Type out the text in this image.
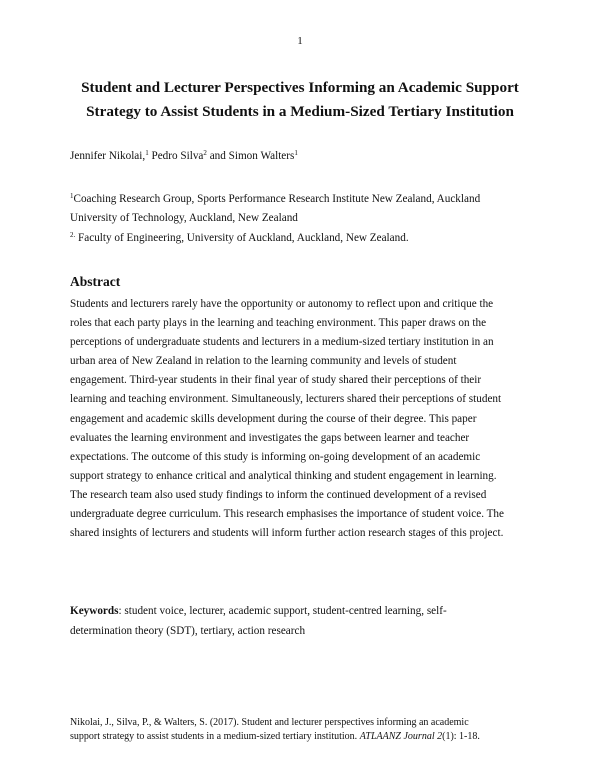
1
Student and Lecturer Perspectives Informing an Academic Support
Strategy to Assist Students in a Medium-Sized Tertiary Institution
Jennifer Nikolai,$^1$ Pedro Silva$^2$ and Simon Walters$^1$
$^1$Coaching Research Group, Sports Performance Research Institute New Zealand, Auckland
University of Technology, Auckland, New Zealand
$^{2.}$ Faculty of Engineering, University of Auckland, Auckland, New Zealand.
Abstract
Students and lecturers rarely have the opportunity or autonomy to reflect upon and critique the
roles that each party plays in the learning and teaching environment. This paper draws on the
perceptions of undergraduate students and lecturers in a medium-sized tertiary institution in an
urban area of New Zealand in relation to the learning community and levels of student
engagement. Third-year students in their final year of study shared their perceptions of their
learning and teaching environment. Simultaneously, lecturers shared their perceptions of student
engagement and academic skills development during the course of their degree. This paper
evaluates the learning environment and investigates the gaps between learner and teacher
expectations. The outcome of this study is informing on-going development of an academic
support strategy to enhance critical and analytical thinking and student engagement in learning.
The research team also used study findings to inform the continued development of a revised
undergraduate degree curriculum. This research emphasises the importance of student voice. The
shared insights of lecturers and students will inform further action research stages of this project.
Keywords: student voice, lecturer, academic support, student-centred learning, self-
determination theory (SDT), tertiary, action research
Nikolai, J., Silva, P., & Walters, S. (2017). Student and lecturer perspectives informing an academic
support strategy to assist students in a medium-sized tertiary institution. ATLAANZ Journal 2(1): 1-18.
